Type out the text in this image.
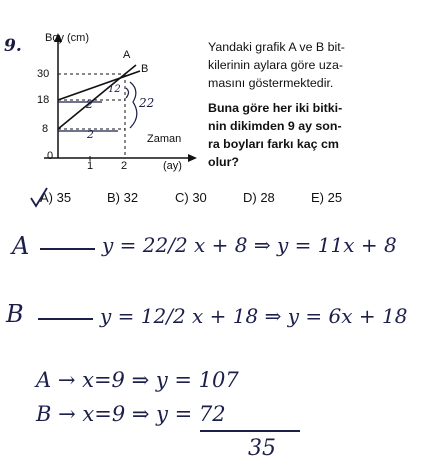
9. Boy (cm)
30
18
8
0
1	2
Zaman
(ay)
A
B
12
22
2
2
Yandaki grafik A ve B bit-
kilerinin aylara göre uza-
masını göstermektedir.
Buna göre her iki bitki-
nin dikimden 9 ay son-
ra boyları farkı kaç cm
olur?
A) 35	B) 32	C) 30	D) 28	E) 25
A	y = 22/2 x + 8 ⇒ y = 11x + 8
B	y = 12/2 x + 18 ⇒ y = 6x + 18
A → x=9 ⇒ y = 107
B → x=9 ⇒ y = 72
35
